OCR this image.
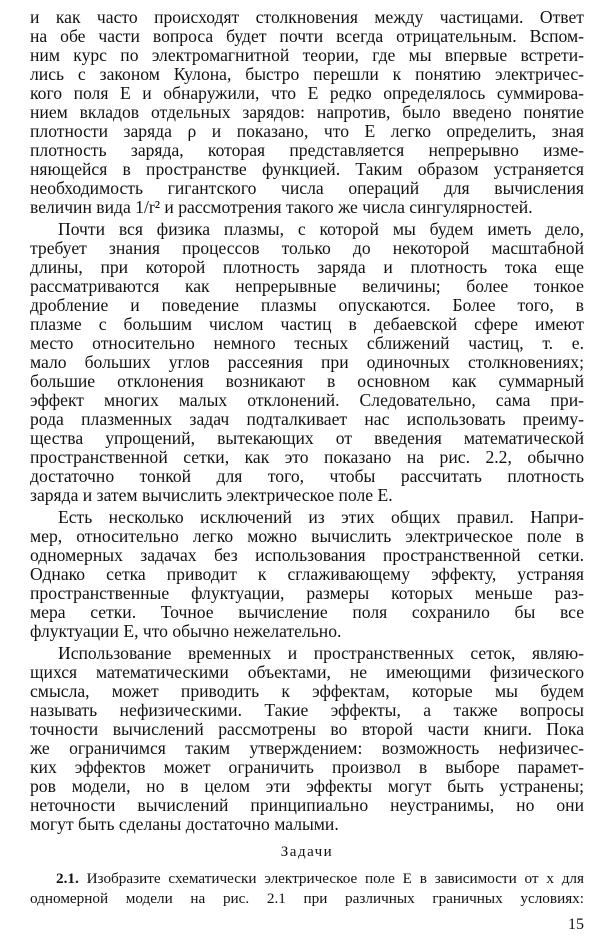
и как часто происходят столкновения между частицами. Ответ
на обе части вопроса будет почти всегда отрицательным. Вспом-
ним курс по электромагнитной теории, где мы впервые встрети-
лись с законом Кулона, быстро перешли к понятию электричес-
кого поля E и обнаружили, что E редко определялось суммирова-
нием вкладов отдельных зарядов: напротив, было введено понятие
плотности заряда ρ и показано, что E легко определить, зная
плотность заряда, которая представляется непрерывно изме-
няющейся в пространстве функцией. Таким образом устраняется
необходимость гигантского числа операций для вычисления
величин вида 1/r² и рассмотрения такого же числа сингулярностей.
Почти вся физика плазмы, с которой мы будем иметь дело,
требует знания процессов только до некоторой масштабной
длины, при которой плотность заряда и плотность тока еще
рассматриваются как непрерывные величины; более тонкое
дробление и поведение плазмы опускаются. Более того, в
плазме с большим числом частиц в дебаевской сфере имеют
место относительно немного тесных сближений частиц, т. е.
мало больших углов рассеяния при одиночных столкновениях;
большие отклонения возникают в основном как суммарный
эффект многих малых отклонений. Следовательно, сама при-
рода плазменных задач подталкивает нас использовать преиму-
щества упрощений, вытекающих от введения математической
пространственной сетки, как это показано на рис. 2.2, обычно
достаточно тонкой для того, чтобы рассчитать плотность
заряда и затем вычислить электрическое поле E.
Есть несколько исключений из этих общих правил. Напри-
мер, относительно легко можно вычислить электрическое поле в
одномерных задачах без использования пространственной сетки.
Однако сетка приводит к сглаживающему эффекту, устраняя
пространственные флуктуации, размеры которых меньше раз-
мера сетки. Точное вычисление поля сохранило бы все
флуктуации E, что обычно нежелательно.
Использование временных и пространственных сеток, являю-
щихся математическими объектами, не имеющими физического
смысла, может приводить к эффектам, которые мы будем
называть нефизическими. Такие эффекты, а также вопросы
точности вычислений рассмотрены во второй части книги. Пока
же ограничимся таким утверждением: возможность нефизичес-
ких эффектов может ограничить произвол в выборе парамет-
ров модели, но в целом эти эффекты могут быть устранены;
неточности вычислений принципиально неустранимы, но они
могут быть сделаны достаточно малыми.
Задачи
2.1. Изобразите схематически электрическое поле E в зависимости от x для
одномерной модели на рис. 2.1 при различных граничных условиях:
15
